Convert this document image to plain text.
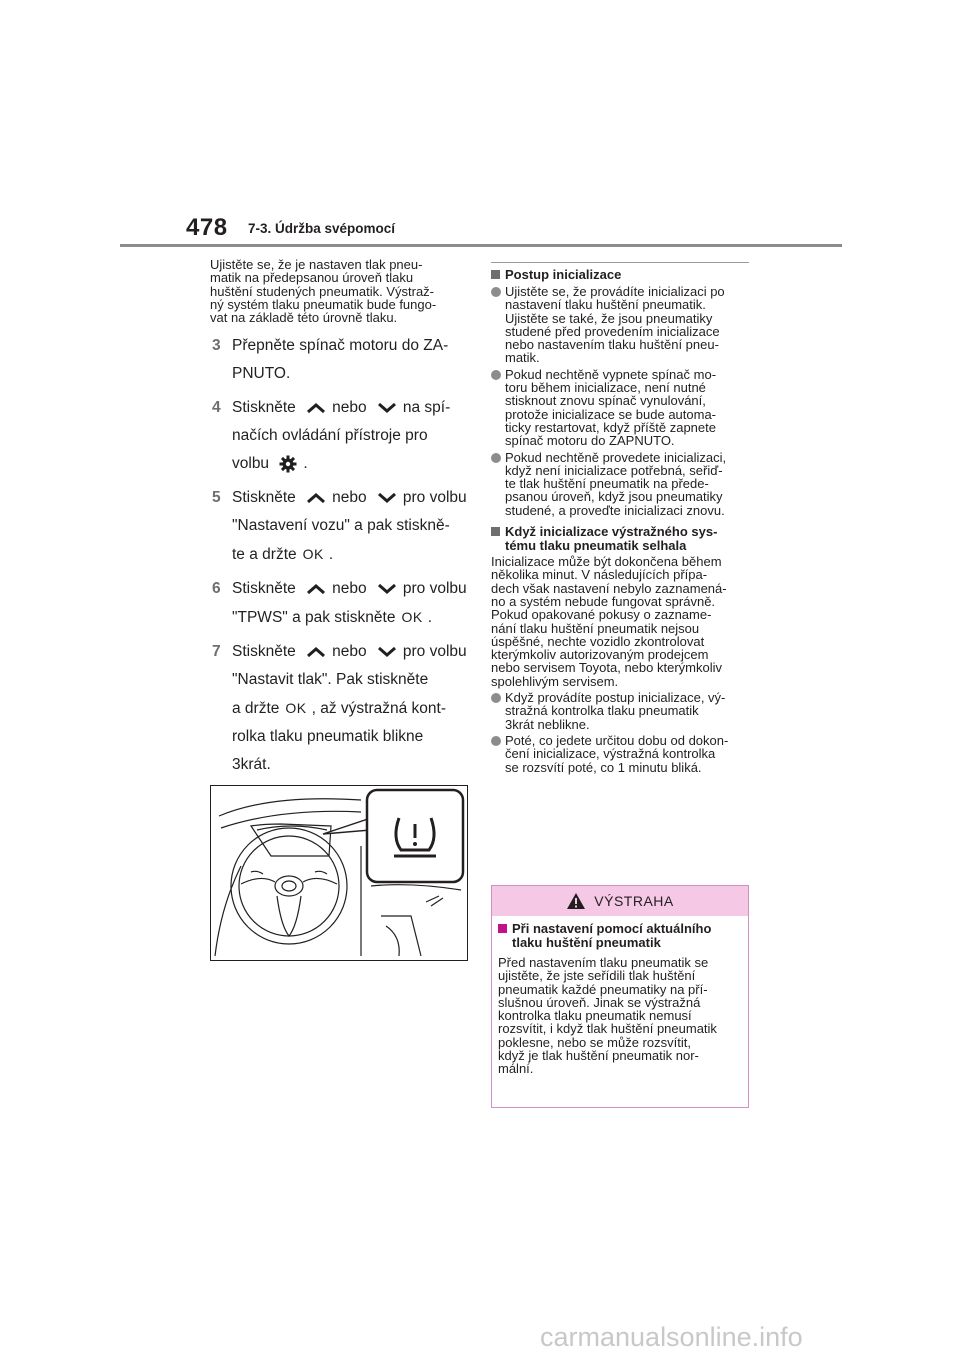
478 7-3. Údržba svépomocí

Ujistěte se, že je nastaven tlak pneu-
matik na předepsanou úroveň tlaku
huštění studených pneumatik. Výstraž-
ný systém tlaku pneumatik bude fungo-
vat na základě této úrovně tlaku.

3 Přepněte spínač motoru do ZA-
PNUTO.
4 Stiskněte nebo na spí-
načích ovládání přístroje pro
volbu .
5 Stiskněte nebo pro volbu
"Nastavení vozu" a pak stiskně-
te a držte OK .
6 Stiskněte nebo pro volbu
"TPWS" a pak stiskněte OK .
7 Stiskněte nebo pro volbu
"Nastavit tlak". Pak stiskněte
a držte OK , až výstražná kont-
rolka tlaku pneumatik blikne
3krát.
Postup inicializace
Ujistěte se, že provádíte inicializaci po
nastavení tlaku huštění pneumatik.
Ujistěte se také, že jsou pneumatiky
studené před provedením inicializace
nebo nastavením tlaku huštění pneu-
matik.
Pokud nechtěně vypnete spínač mo-
toru během inicializace, není nutné
stisknout znovu spínač vynulování,
protože inicializace se bude automa-
ticky restartovat, když příště zapnete
spínač motoru do ZAPNUTO.
Pokud nechtěně provedete inicializaci,
když není inicializace potřebná, seřiď-
te tlak huštění pneumatik na přede-
psanou úroveň, když jsou pneumatiky
studené, a proveďte inicializaci znovu.
Když inicializace výstražného sys-
tému tlaku pneumatik selhala

Inicializace může být dokončena během
několika minut. V následujících přípa-
dech však nastavení nebylo zaznamená-
no a systém nebude fungovat správně.
Pokud opakované pokusy o zazname-
nání tlaku huštění pneumatik nejsou
úspěšné, nechte vozidlo zkontrolovat
kterýmkoliv autorizovaným prodejcem
nebo servisem Toyota, nebo kterýmkoliv
spolehlivým servisem.

Když provádíte postup inicializace, vý-
stražná kontrolka tlaku pneumatik
3krát neblikne.
Poté, co jedete určitou dobu od dokon-
čení inicializace, výstražná kontrolka
se rozsvítí poté, co 1 minutu bliká.
VÝSTRAHA
Při nastavení pomocí aktuálního
tlaku huštění pneumatik
Před nastavením tlaku pneumatik se
ujistěte, že jste seřídili tlak huštění
pneumatik každé pneumatiky na pří-
slušnou úroveň. Jinak se výstražná
kontrolka tlaku pneumatik nemusí
rozsvítit, i když tlak huštění pneumatik
poklesne, nebo se může rozsvítit,
když je tlak huštění pneumatik nor-
mální.
carmanualsonline.info
